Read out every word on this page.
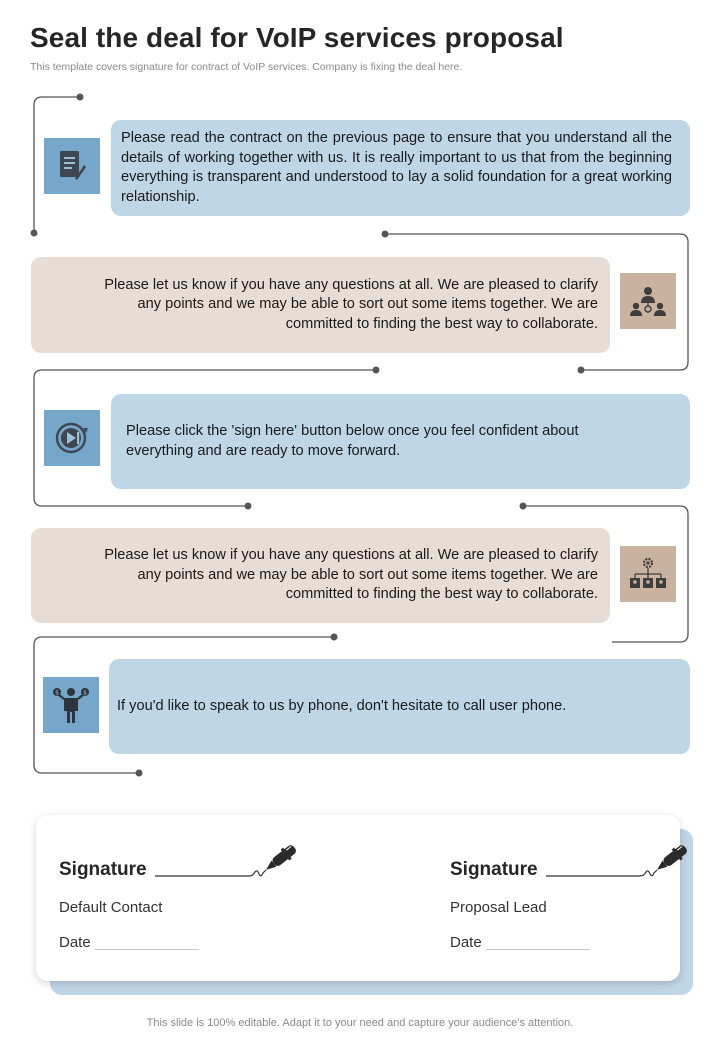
Seal the deal for VoIP services proposal
This template covers signature for contract of VoIP services. Company is fixing the deal here.
Please read the contract on the previous page to ensure that you understand all the details of working together with us. It is really important to us that from the beginning everything is transparent and understood to lay a solid foundation for a great working relationship.
Please let us know if you have any questions at all. We are pleased to clarify any points and we may be able to sort out some items together. We are committed to finding the best way to collaborate.
Please click the 'sign here' button below once you feel confident about everything and are ready to move forward.
Please let us know if you have any questions at all. We are pleased to clarify any points and we may be able to sort out some items together. We are committed to finding the best way to collaborate.
$	$
If you'd like to speak to us by phone, don't hesitate to call user phone.
Signature
Default Contact
Date
Signature
Proposal Lead
Date
This slide is 100% editable. Adapt it to your need and capture your audience’s attention.
